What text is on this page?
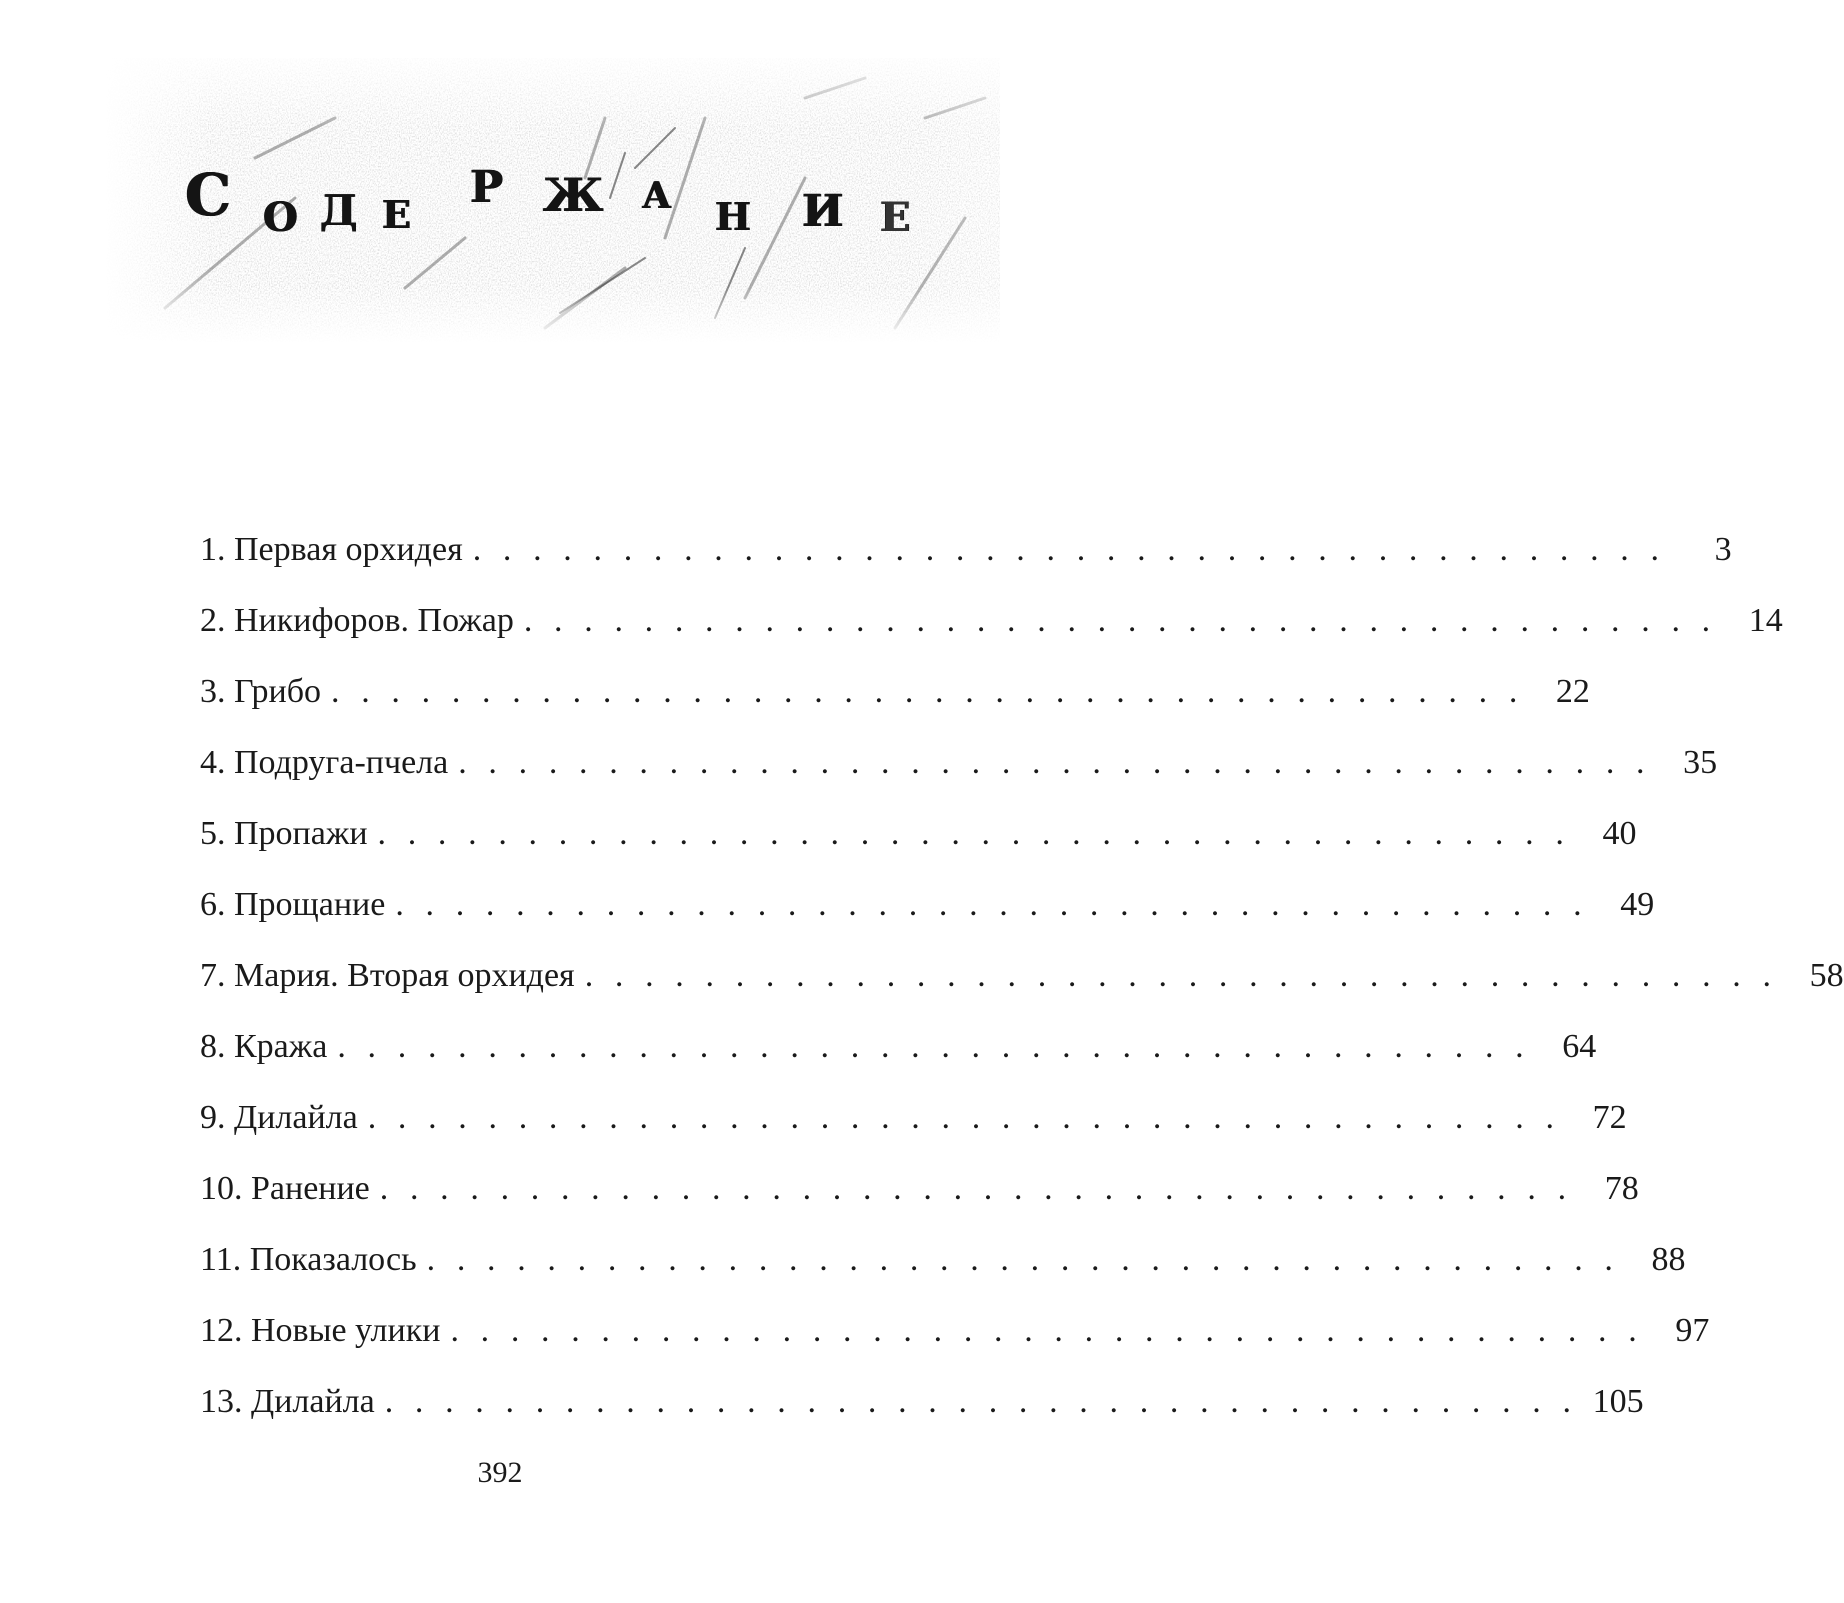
С О Д Е
Р Ж А Н И Е
1. Первая орхидея . . . . . . . . . . . . . . . . . . . . . . . . . . . . . . . . . . . . . . . .	3
2. Никифоров. Пожар . . . . . . . . . . . . . . . . . . . . . . . . . . . . . . . . . . . . . . . . 14
3. Грибо . . . . . . . . . . . . . . . . . . . . . . . . . . . . . . . . . . . . . . . . 22
4. Подруга-пчела . . . . . . . . . . . . . . . . . . . . . . . . . . . . . . . . . . . . . . . . 35
5. Пропажи . . . . . . . . . . . . . . . . . . . . . . . . . . . . . . . . . . . . . . . . 40
6. Прощание . . . . . . . . . . . . . . . . . . . . . . . . . . . . . . . . . . . . . . . . 49
7. Мария. Вторая орхидея . . . . . . . . . . . . . . . . . . . . . . . . . . . . . . . . . . . . . . . . 58
8. Кража . . . . . . . . . . . . . . . . . . . . . . . . . . . . . . . . . . . . . . . . 64
9. Дилайла . . . . . . . . . . . . . . . . . . . . . . . . . . . . . . . . . . . . . . . . 72
10. Ранение . . . . . . . . . . . . . . . . . . . . . . . . . . . . . . . . . . . . . . . . 78
11. Показалось . . . . . . . . . . . . . . . . . . . . . . . . . . . . . . . . . . . . . . . . 88
12. Новые улики . . . . . . . . . . . . . . . . . . . . . . . . . . . . . . . . . . . . . . . . 97
13. Дилайла . . . . . . . . . . . . . . . . . . . . . . . . . . . . . . . . . . . . . . . . 105
392
